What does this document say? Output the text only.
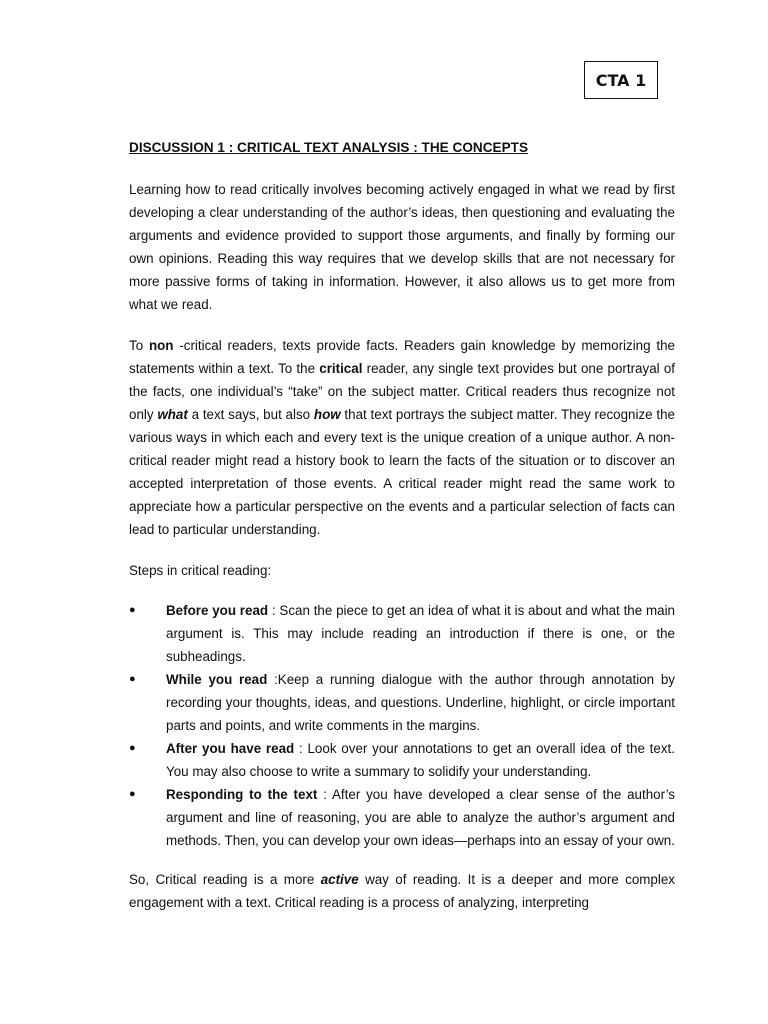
CTA 1
DISCUSSION 1 : CRITICAL TEXT ANALYSIS : THE CONCEPTS

Learning how to read critically involves becoming actively engaged in what we read by first developing a clear understanding of the author’s ideas, then questioning and evaluating the arguments and evidence provided to support those arguments, and finally by forming our own opinions. Reading this way requires that we develop skills that are not necessary for more passive forms of taking in information. However, it also allows us to get more from what we read.

To non -critical readers, texts provide facts. Readers gain knowledge by memorizing the statements within a text. To the critical reader, any single text provides but one portrayal of the facts, one individual’s “take” on the subject matter. Critical readers thus recognize not only what a text says, but also how that text portrays the subject matter. They recognize the various ways in which each and every text is the unique creation of a unique author. A non-critical reader might read a history book to learn the facts of the situation or to discover an accepted interpretation of those events. A critical reader might read the same work to appreciate how a particular perspective on the events and a particular selection of facts can lead to particular understanding.

Steps in critical reading:

● Before you read : Scan the piece to get an idea of what it is about and what the main argument is. This may include reading an introduction if there is one, or the subheadings.
● While you read :Keep a running dialogue with the author through annotation by recording your thoughts, ideas, and questions. Underline, highlight, or circle important parts and points, and write comments in the margins.
● After you have read : Look over your annotations to get an overall idea of the text. You may also choose to write a summary to solidify your understanding.
● Responding to the text : After you have developed a clear sense of the author’s argument and line of reasoning, you are able to analyze the author’s argument and methods. Then, you can develop your own ideas—perhaps into an essay of your own.

So, Critical reading is a more active way of reading. It is a deeper and more complex engagement with a text. Critical reading is a process of analyzing, interpreting
